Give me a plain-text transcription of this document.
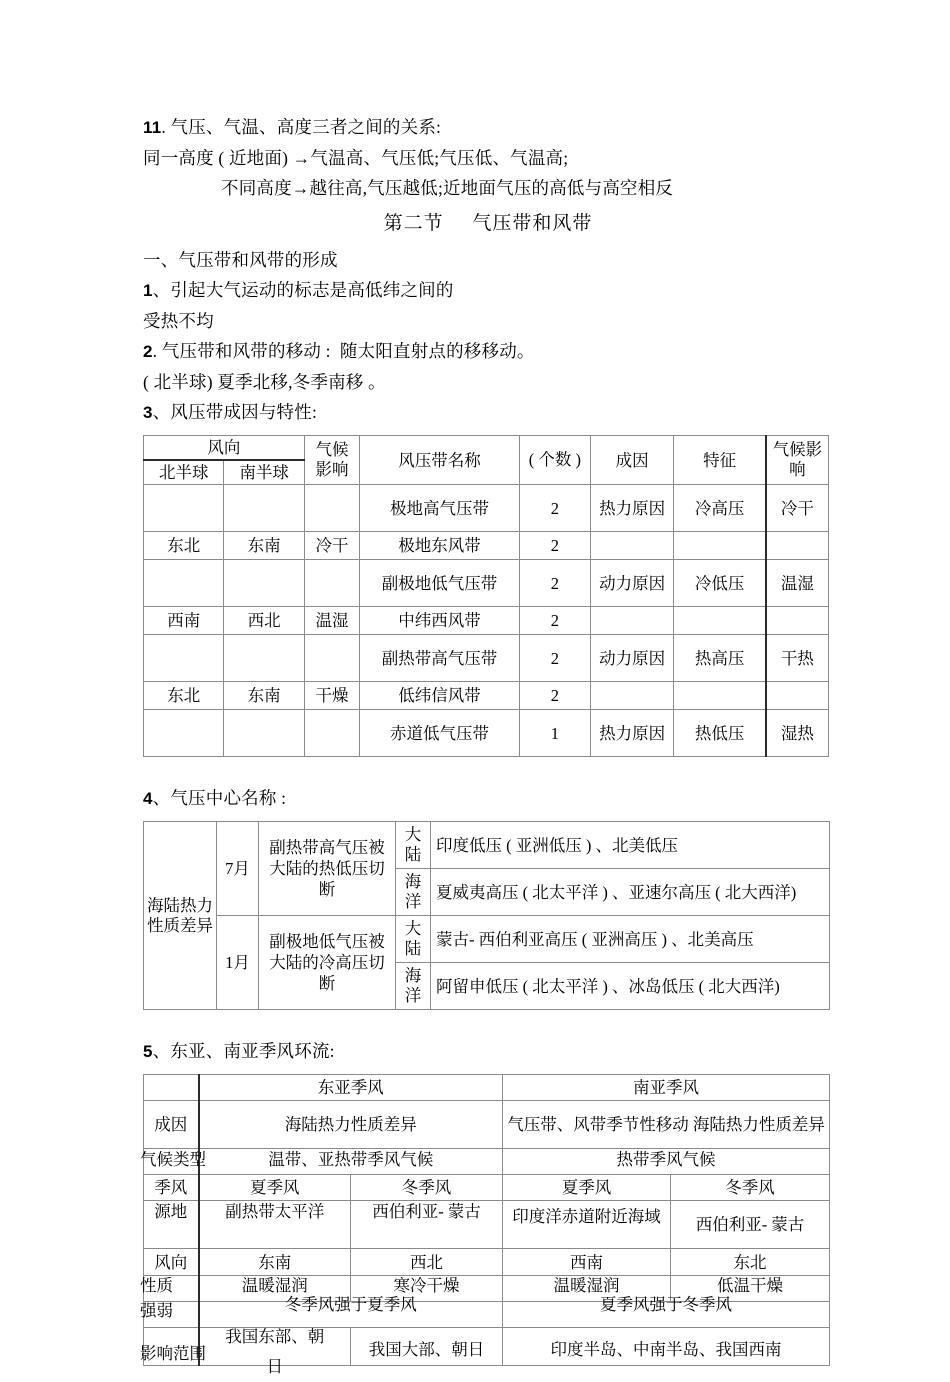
11. 气压、气温、高度三者之间的关系:
同一高度 ( 近地面) →气温高、气压低;气压低、气温高;
不同高度→越往高,气压越低;近地面气压的高低与高空相反
第二节     气压带和风带
一、气压带和风带的形成
1、引起大气运动的标志是高低纬之间的
受热不均
2. 气压带和风带的移动 :  随太阳直射点的移移动。
( 北半球) 夏季北移,冬季南移 。
3、风压带成因与特性:
风向		气候影响	风压带名称	( 个数 )	成因	特征	气候影响
北半球	南半球						
			极地高气压带	2	热力原因	冷高压	冷干
东北	东南	冷干	极地东风带	2			
			副极地低气压带	2	动力原因	冷低压	温湿
西南	西北	温湿	中纬西风带	2			
			副热带高气压带	2	动力原因	热高压	干热
东北	东南	干燥	低纬信风带	2			
			赤道低气压带	1	热力原因	热低压	湿热
4、气压中心名称 :
海陆热力性质差异	7月	副热带高气压被大陆的热低压切断	大陆	印度低压 ( 亚洲低压 ) 、北美低压
			海洋	夏威夷高压 ( 北太平洋 ) 、亚速尔高压 ( 北大西洋)
	1月	副极地低气压被大陆的冷高压切断	大陆	蒙古- 西伯利亚高压 ( 亚洲高压 ) 、北美高压
			海洋	阿留申低压 ( 北太平洋 ) 、冰岛低压 ( 北大西洋)
5、东亚、南亚季风环流:
	东亚季风		南亚季风	
成因	海陆热力性质差异		气压带、风带季节性移动 海陆热力性质差异	

气候类型	温带、亚热带季风气候		热带季风气候	

季风	夏季风	冬季风	夏季风	冬季风
源地	副热带太平洋	西伯利亚- 蒙古	印度洋赤道附近海域	西伯利亚- 蒙古
风向	东南	西北	西南	东北

性质	温暖湿润	寒冷干燥	温暖湿润	低温干燥

强弱	冬季风强于夏季风		夏季风强于冬季风	

影响范围	我国东部、朝日	我国大部、朝日	印度半岛、中南半岛、我国西南	
